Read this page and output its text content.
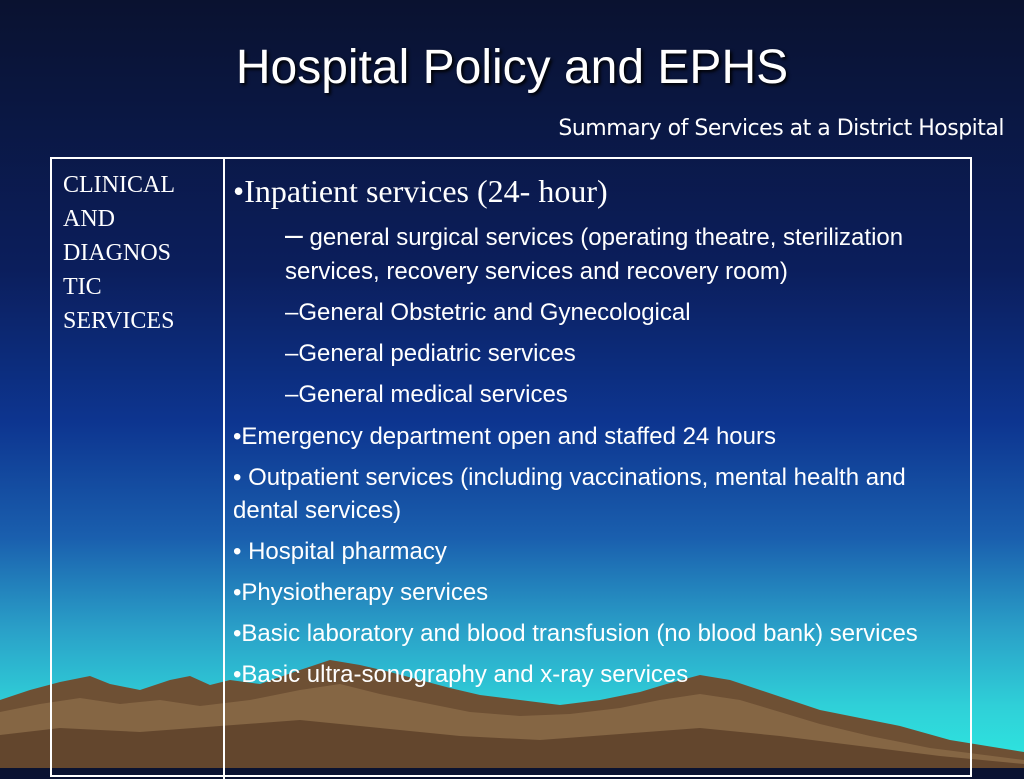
Hospital Policy and EPHS
Summary of Services at a District Hospital
CLINICAL
AND
DIAGNOS
TIC
SERVICES
•Inpatient services (24- hour)
– general surgical services (operating theatre, sterilization services, recovery services and recovery room)
–General Obstetric and Gynecological
–General pediatric services
–General medical services
•Emergency department open and staffed 24 hours
• Outpatient services (including vaccinations, mental health and dental services)
• Hospital pharmacy
•Physiotherapy services
•Basic laboratory and blood transfusion (no blood bank) services
•Basic ultra-sonography and x-ray services
